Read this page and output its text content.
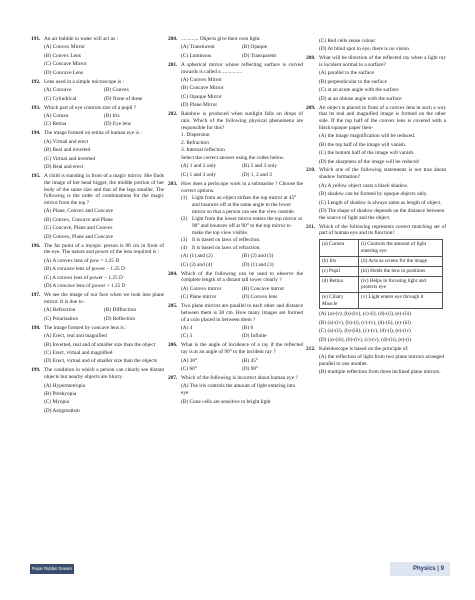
191. An air bubble in water will act as :
(A) Convex Mirror
(B) Convex Lens
(C) Concave Mirror
(D) Concave Lens
192. Lens used in a simple microscope is :
(A) Concave	(B) Convex
(C) Cylindrical	(D) None of these
193. Which part of eye controls size of a pupil ?
(A) Cornea	(B) Iris
(C) Retina	(D) Eye lens
194. The image formed on retina of human eye is :
(A) Virtual and erect
(B) Real and inverted
(C) Virtual and inverted
(D) Real and erect
195. A child is standing in front of a magic mirror. She finds the image of her head bigger, the middle portion of her body of the same size and that of the legs smaller. The following is the order of combinations for the magic mirror from the top ?
(A) Plane, Convex and Concave
(B) Convex, Concave and Plane
(C) Concave, Plane and Convex
(D) Convex, Plane and Concave
196. The far point of a myopic person is 80 cm in front of the eye. The nature and power of the lens required is :
(A) A convex lens of pow = 1.25 D
(B) A concave lens of power – 1.25 D
(C) A convex lens of power – 1.25 D
(D) A concave lens of power + 1.25 D
197. We see the image of our face when we look into plane mirror. It is due to :
(A) Refraction	(B) Diffraction
(C) Polarisation	(D) Reflection
198. The image formed by concave lens is :
(A) Erect, real and magnified
(B) Inverted, real and of smaller size than the object
(C) Erect, virtual and magnified
(D) Erect, virtual and of smaller size than the objects
199. The condition in which a person can clearly see distant objects but nearby objects are blurry.
(A) Hypermetropia
(B) Presbyopia
(C) Myopia
(D) Astigmatism
200. ............. Objects give their own light.
(A) Translucent	(B) Opaque
(C) Luminous	(D) Transparent
201. A spherical mirror whose reflecting surface is curved inwards is called a ...............
(A) Convex Mirror
(B) Concave Mirror
(C) Opaque Mirror
(D) Plane Mirror
202. Rainbow is produced when sunlight falls on drops of rain. Which of the following physical phenomena are responsible for this?
1. Dispersion
2. Refraction
3. Internal reflection
Select the correct answer using the codes below.
(A) 1 and 2 only	(B) 2 and 3 only
(C) 1 and 3 only	(D) 1, 2 and 3
203. How does a periscope work in a submarine ? Choose the correct options.
(1) Light from an object strikes the top mirror at 45° and bounces off at the same angle to the lower mirror so that a person can see the view outside.
(2) Light from the lower mirror enters the top mirror at 90° and bounces off at 90° to the top mirror to make the top view visible.
(3) It is based on laws of reflection.
(4) It is based on laws of refraction.
(A) (1) and (2)	(B) (2) and (3)
(C) (3) and (4)	(D) (1) and (3)
204. Which of the following can be used to observe the complete length of a distant tall tower clearly ?
(A) Convex mirror	(B) Concave mirror
(C) Plane mirror	(D) Convex lens
205. Two plane mirrors are parallel to each other and distance between them is 30 cm. How many images are formed of a coin placed in between them ?
(A) 4	(B) 6
(C) 3	(D) Infinite
206. What is the angle of incidence of a ray if the reflected ray is at an angle of 90° to the incident ray ?
(A) 30°	(B) 45°
(C) 60°	(D) 90°
207. Which of the following is incorrect about human eye ?
(A) The iris controls the amount of light entering into eye
(B) Cone cells are sensitive to bright light
(C) Red cells sense colour
(D) At blind spot in eye, there is no vision
208. What will be direction of the reflected ray when a light ray is incident normal to a surface?
(A) parallel to the surface
(B) perpendicular to the surface
(C) at an acute angle with the surface
(D) at an obtuse angle with the surface
209. An object is placed in front of a convex lens in such a way that its real and magnified image is formed on the other side. If the top half of the convex lens is covered with a black/opaque paper then-
(A) the image magnification will be reduced.
(B) the top half of the image will vanish.
(C) the bottom half of the image will vanish.
(D) the sharpness of the image will be reduced
210. Which one of the following statements is not true about shadow formation?
(A) A yellow object casts a black shadow.
(B) shadow can be formed by opaque objects only.
(C) Length of shadow is always same as length of object.
(D) The shape of shadow depends on the distance between the source of light and the object.
211. Which of the following represents correct matching set of part of human eye and its function?
(a) Cornea	(i) Controls the amount of light entering eye
(b) Iris	(ii) Acts as screen for the image
(c) Pupil	(iii) Holds the lens in positions
(d) Retina	(iv) Helps in focusing light and protects eye
(e) Ciliary Muscle	(v) Light enters eye through it
(A) (a)-(v), (b)-(iv), (c)-(i), (d)-(ii), (e)-(iii)
(B) (a)-(iv), (b)-(i), (c)-(v), (d)-(ii), (e)-(iii)
(C) (a)-(ii), (b)-(iii), (c)-(v), (d)-(i), (e)-(iv)
(D) (a)-(iii), (b)-(iv), (c)-(v), (d)-(ii), (e)-(i)
212. Kaleidoscope is based on the principle of:
(A) the reflection of light from two plane mirrors arranged parallel to one another.
(B) multiple reflection from three inclined plane mirrors.
Pepar Rubbin Dnearn	Physics | 9
